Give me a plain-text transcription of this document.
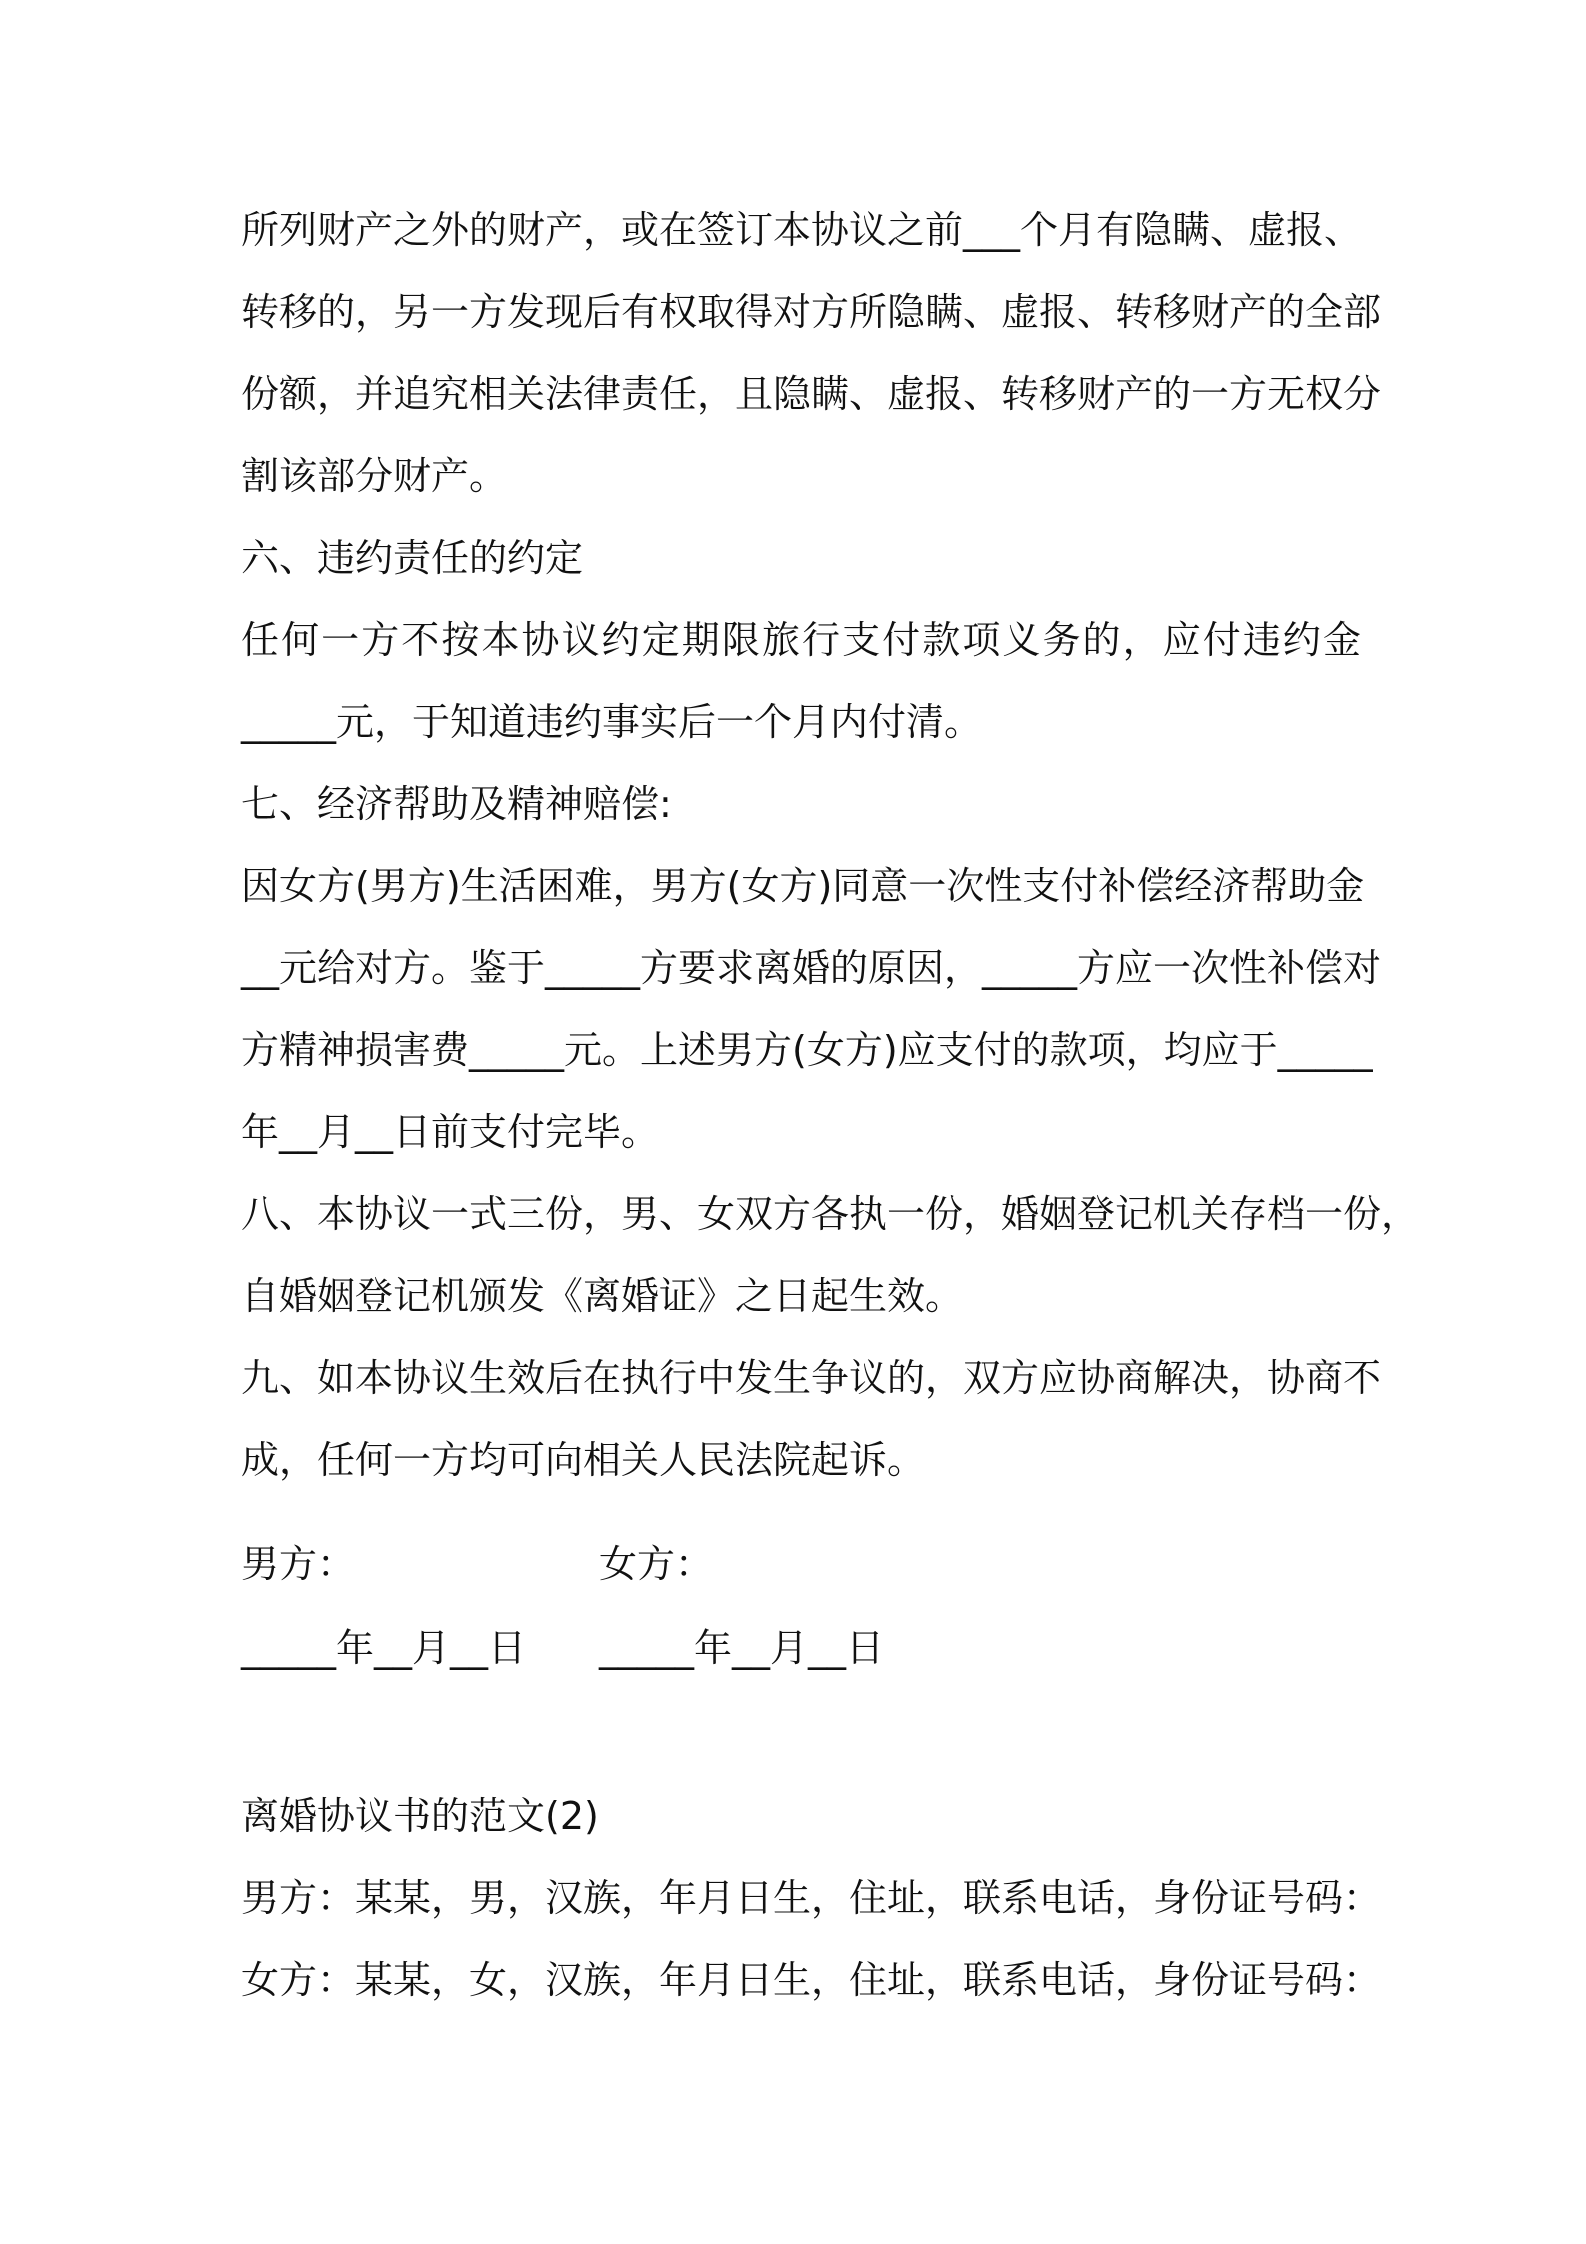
所列财产之外的财产，或在签订本协议之前___个月有隐瞒、虚报、
转移的，另一方发现后有权取得对方所隐瞒、虚报、转移财产的全部
份额，并追究相关法律责任，且隐瞒、虚报、转移财产的一方无权分
割该部分财产。
六、违约责任的约定
任何一方不按本协议约定期限旅行支付款项义务的，应付违约金
_____元，于知道违约事实后一个月内付清。
七、经济帮助及精神赔偿:
因女方(男方)生活困难，男方(女方)同意一次性支付补偿经济帮助金
__元给对方。鉴于_____方要求离婚的原因，_____方应一次性补偿对
方精神损害费_____元。上述男方(女方)应支付的款项，均应于_____
年__月__日前支付完毕。
八、本协议一式三份，男、女双方各执一份，婚姻登记机关存档一份，
自婚姻登记机颁发《离婚证》之日起生效。
九、如本协议生效后在执行中发生争议的，双方应协商解决，协商不
成，任何一方均可向相关人民法院起诉。
男方：	女方：
_____年__月__日	_____年__月__日
离婚协议书的范文(2)
男方：某某，男，汉族，年月日生，住址，联系电话，身份证号码：
女方：某某，女，汉族，年月日生，住址，联系电话，身份证号码：
